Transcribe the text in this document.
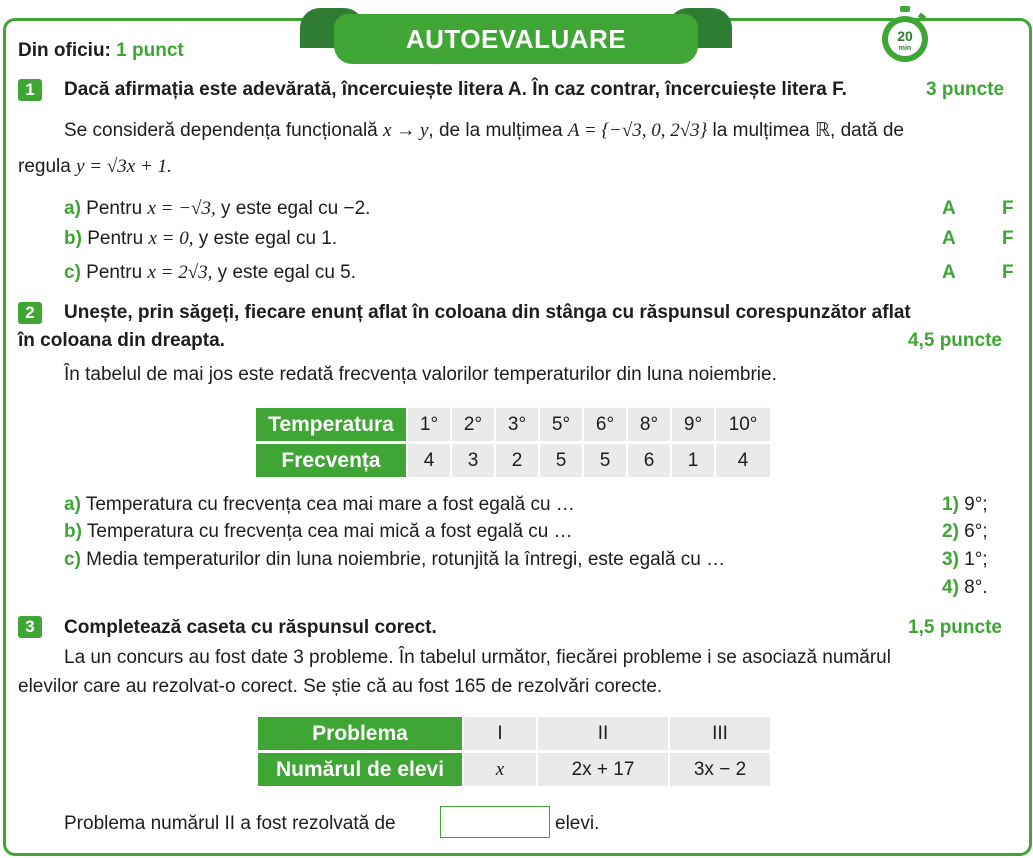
AUTOEVALUARE	20
min
Din oficiu: 1 punct
1	Dacă afirmația este adevărată, încercuiește litera A. În caz contrar, încercuiește litera F.	3 puncte
Se consideră dependența funcțională x → y, de la mulțimea A = {−√3, 0, 2√3} la mulțimea ℝ, dată de
regula y = √3x + 1.
a) Pentru x = −√3, y este egal cu −2.	A F
b) Pentru x = 0, y este egal cu 1.	A F
c) Pentru x = 2√3, y este egal cu 5.	A F
2	Unește, prin săgeți, fiecare enunț aflat în coloana din stânga cu răspunsul corespunzător aflat
în coloana din dreapta.	4,5 puncte
În tabelul de mai jos este redată frecvența valorilor temperaturilor din luna noiembrie.
Temperatura	1°	2°	3°	5°	6°	8°	9°	10°
Frecvența	4	3	2	5	5	6	1	4
a) Temperatura cu frecvența cea mai mare a fost egală cu …
b) Temperatura cu frecvența cea mai mică a fost egală cu …
c) Media temperaturilor din luna noiembrie, rotunjită la întregi, este egală cu …
1) 9°;
2) 6°;
3) 1°;
4) 8°.
3	Completează caseta cu răspunsul corect.	1,5 puncte
La un concurs au fost date 3 probleme. În tabelul următor, fiecărei probleme i se asociază numărul
elevilor care au rezolvat-o corect. Se știe că au fost 165 de rezolvări corecte.
Problema	I	II	III
Numărul de elevi	x	2x + 17	3x − 2
Problema numărul II a fost rezolvată de	elevi.
